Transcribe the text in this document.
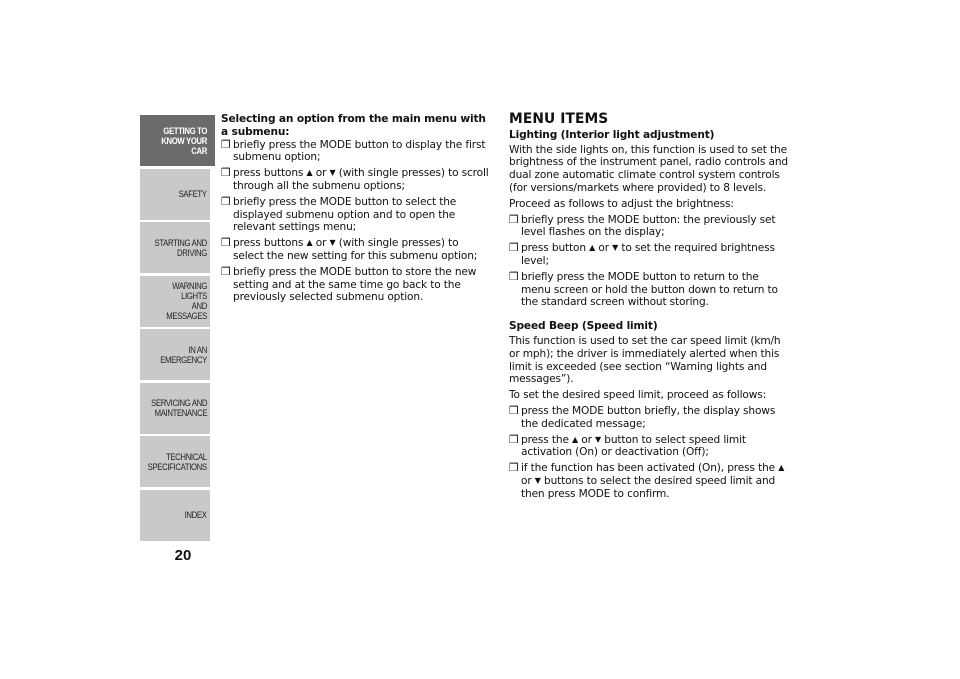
GETTING TO
KNOW YOUR CAR
SAFETY
STARTING AND
DRIVING
WARNING LIGHTS
AND MESSAGES
IN AN EMERGENCY
SERVICING AND
MAINTENANCE
TECHNICAL
SPECIFICATIONS
INDEX
20

Selecting an option from the main menu with a submenu:

❒ briefly press the MODE button to display the first submenu option;
❒ press buttons ▲ or ▼ (with single presses) to scroll through all the submenu options;
❒ briefly press the MODE button to select the displayed submenu option and to open the relevant settings menu;
❒ press buttons ▲ or ▼ (with single presses) to select the new setting for this submenu option;
❒ briefly press the MODE button to store the new setting and at the same time go back to the previously selected submenu option.
MENU ITEMS

Lighting (Interior light adjustment)

With the side lights on, this function is used to set the brightness of the instrument panel, radio controls and dual zone automatic climate control system controls (for versions/markets where provided) to 8 levels.

Proceed as follows to adjust the brightness:

❒ briefly press the MODE button: the previously set level flashes on the display;
❒ press button ▲ or ▼ to set the required brightness level;
❒ briefly press the MODE button to return to the menu screen or hold the button down to return to the standard screen without storing.

Speed Beep (Speed limit)

This function is used to set the car speed limit (km/h or mph); the driver is immediately alerted when this limit is exceeded (see section “Warning lights and messages”).

To set the desired speed limit, proceed as follows:

❒ press the MODE button briefly, the display shows the dedicated message;
❒ press the ▲ or ▼ button to select speed limit activation (On) or deactivation (Off);
❒ if the function has been activated (On), press the ▲ or ▼ buttons to select the desired speed limit and then press MODE to confirm.
